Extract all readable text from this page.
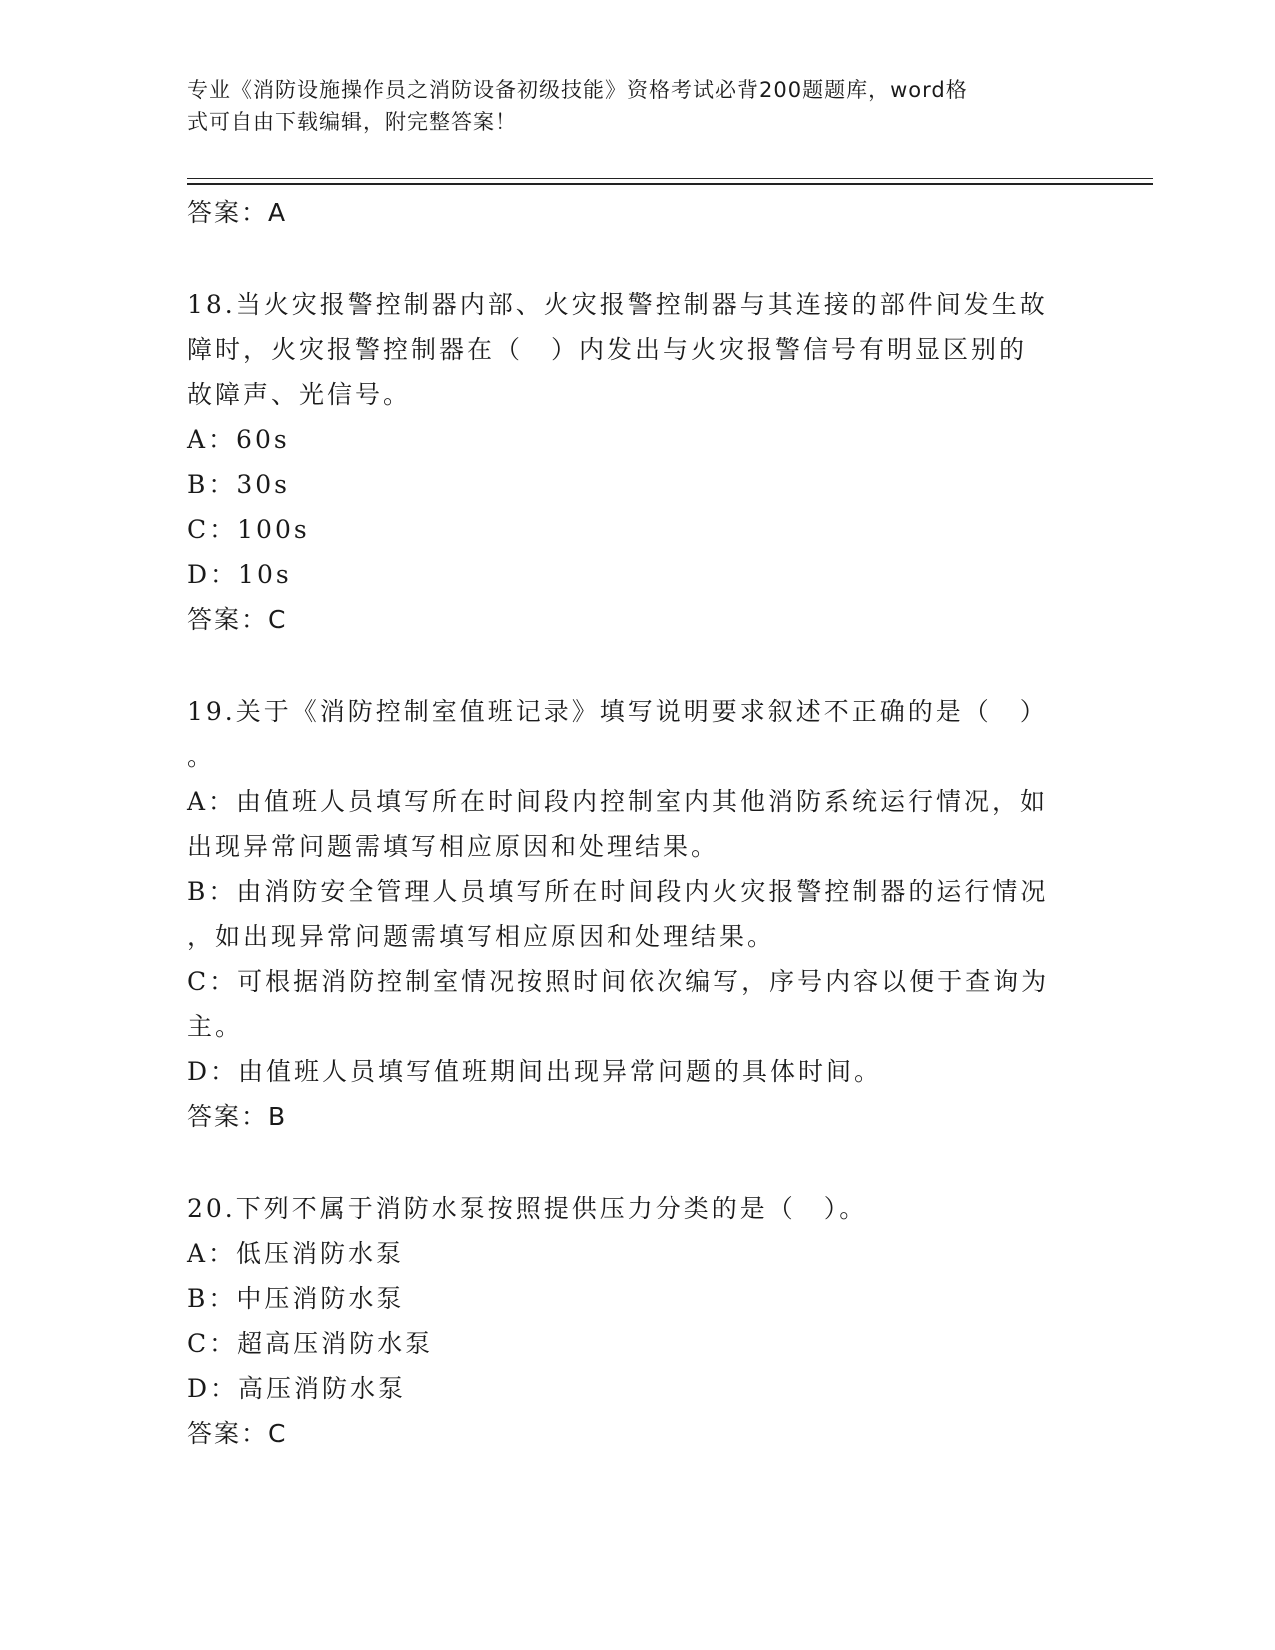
专业《消防设施操作员之消防设备初级技能》资格考试必背200题题库，word格
式可自由下载编辑，附完整答案！
答案：A
18.当火灾报警控制器内部、火灾报警控制器与其连接的部件间发生故
障时，火灾报警控制器在（　）内发出与火灾报警信号有明显区别的
故障声、光信号。
A：60s
B：30s
C：100s
D：10s
答案：C
19.关于《消防控制室值班记录》填写说明要求叙述不正确的是（　）
。
A：由值班人员填写所在时间段内控制室内其他消防系统运行情况，如
出现异常问题需填写相应原因和处理结果。
B：由消防安全管理人员填写所在时间段内火灾报警控制器的运行情况
，如出现异常问题需填写相应原因和处理结果。
C：可根据消防控制室情况按照时间依次编写，序号内容以便于查询为
主。
D：由值班人员填写值班期间出现异常问题的具体时间。
答案：B
20.下列不属于消防水泵按照提供压力分类的是（　）。
A：低压消防水泵
B：中压消防水泵
C：超高压消防水泵
D：高压消防水泵
答案：C
